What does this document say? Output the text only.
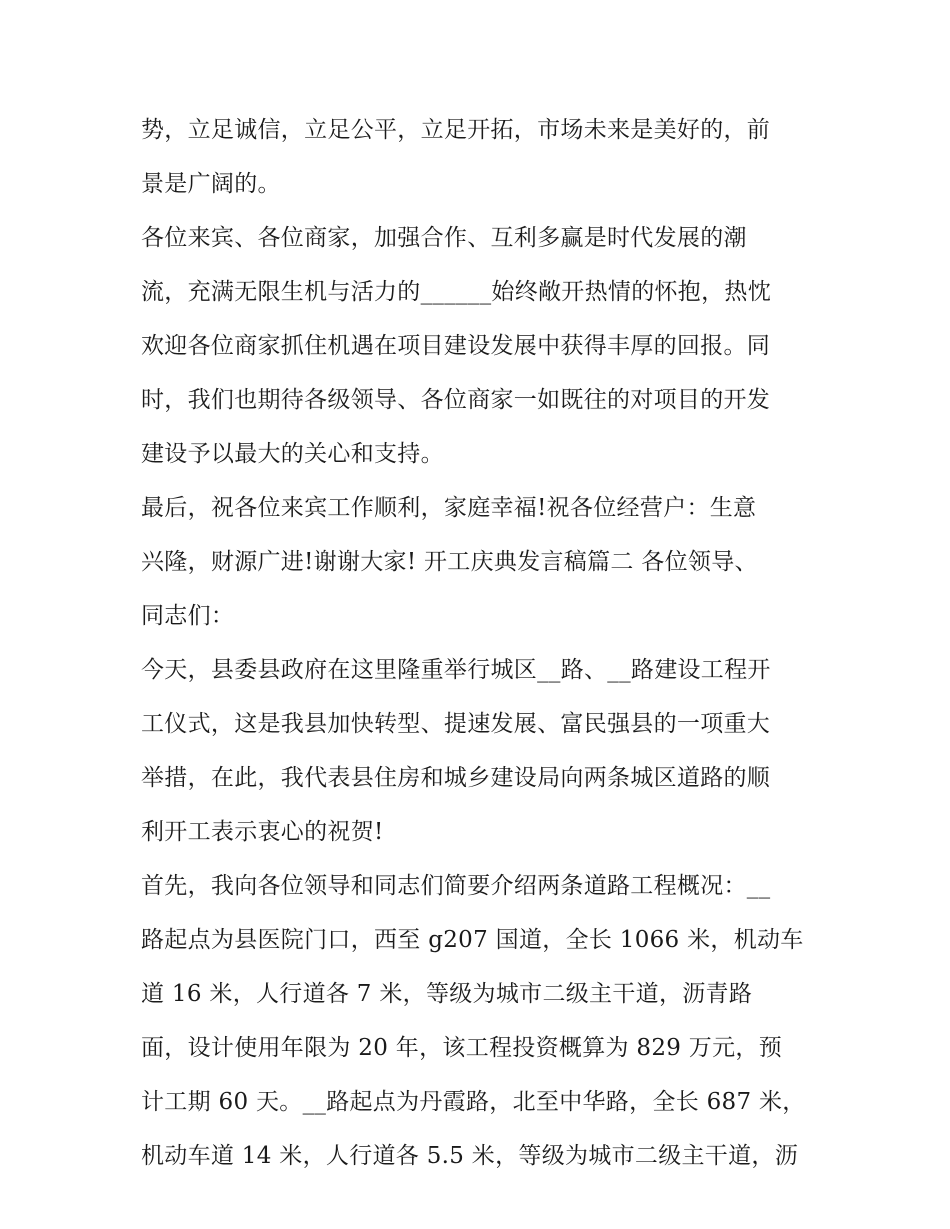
势，立足诚信，立足公平，立足开拓，市场未来是美好的，前
景是广阔的。
各位来宾、各位商家，加强合作、互利多赢是时代发展的潮
流，充满无限生机与活力的______始终敞开热情的怀抱，热忱
欢迎各位商家抓住机遇在项目建设发展中获得丰厚的回报。同
时，我们也期待各级领导、各位商家一如既往的对项目的开发
建设予以最大的关心和支持。
最后，祝各位来宾工作顺利，家庭幸福!祝各位经营户：生意
兴隆，财源广进!谢谢大家! 开工庆典发言稿篇二 各位领导、
同志们：
今天，县委县政府在这里隆重举行城区__路、__路建设工程开
工仪式，这是我县加快转型、提速发展、富民强县的一项重大
举措，在此，我代表县住房和城乡建设局向两条城区道路的顺
利开工表示衷心的祝贺!
首先，我向各位领导和同志们简要介绍两条道路工程概况：__
路起点为县医院门口，西至 g207 国道，全长 1066 米，机动车
道 16 米，人行道各 7 米，等级为城市二级主干道，沥青路
面，设计使用年限为 20 年，该工程投资概算为 829 万元，预
计工期 60 天。__路起点为丹霞路，北至中华路，全长 687 米，
机动车道 14 米，人行道各 5.5 米，等级为城市二级主干道，沥
